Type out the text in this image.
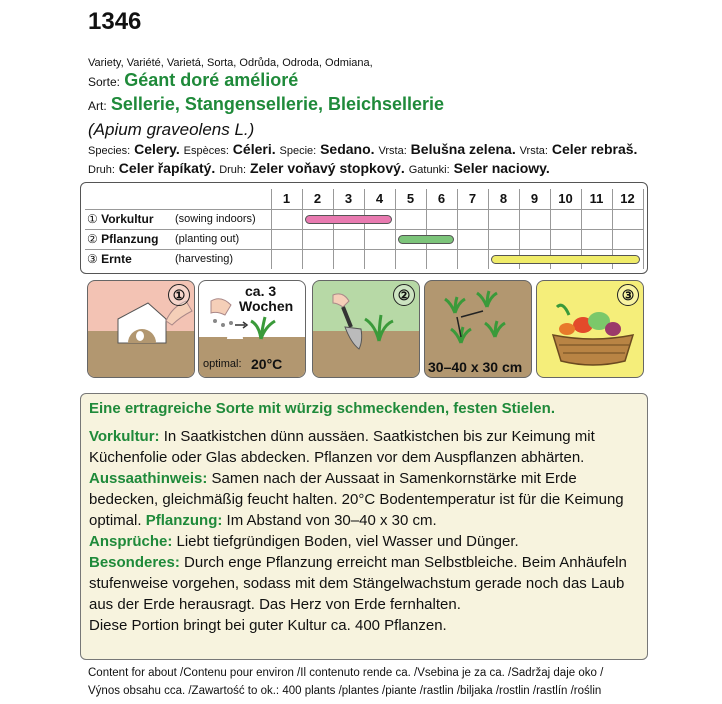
1346
Variety, Variété, Varietá, Sorta, Odrůda, Odroda, Odmiana,
Sorte: Géant doré amélioré
Art: Sellerie, Stangensellerie, Bleichsellerie
(Apium graveolens L.)
Species: Celery. Espèces: Céleri. Specie: Sedano. Vrsta: Belušna zelena. Vrsta: Celer rebraš.
Druh: Celer řapíkatý. Druh: Zeler voňavý stopkový. Gatunki: Seler naciowy.
1	2	3	4	5	6	7	8	9	10	11	12
① Vorkultur (sowing indoors)
② Pflanzung (planting out)
③ Ernte	(harvesting)
①	ca. 3
Wochen
optimal: 20°C
②
30–40 x 30 cm
③
Eine ertragreiche Sorte mit würzig schmeckenden, festen Stielen.
Vorkultur: In Saatkistchen dünn aussäen. Saatkistchen bis zur Keimung mit Küchenfolie oder Glas abdecken. Pflanzen vor dem Auspflanzen abhärten.
Aussaathinweis: Samen nach der Aussaat in Samenkornstärke mit Erde bedecken, gleichmäßig feucht halten. 20°C Bodentemperatur ist für die Keimung optimal. Pflanzung: Im Abstand von 30–40 x 30 cm.
Ansprüche: Liebt tiefgründigen Boden, viel Wasser und Dünger.
Besonderes: Durch enge Pflanzung erreicht man Selbstbleiche. Beim Anhäufeln stufenweise vorgehen, sodass mit dem Stängelwachstum gerade noch das Laub aus der Erde herausragt. Das Herz von Erde fernhalten.
Diese Portion bringt bei guter Kultur ca. 400 Pflanzen.
Content for about /Contenu pour environ /Il contenuto rende ca. /Vsebina je za ca. /Sadržaj daje oko /
Výnos obsahu cca. /Zawartość to ok.: 400 plants /plantes /piante /rastlin /biljaka /rostlin /rastlín /roślin
